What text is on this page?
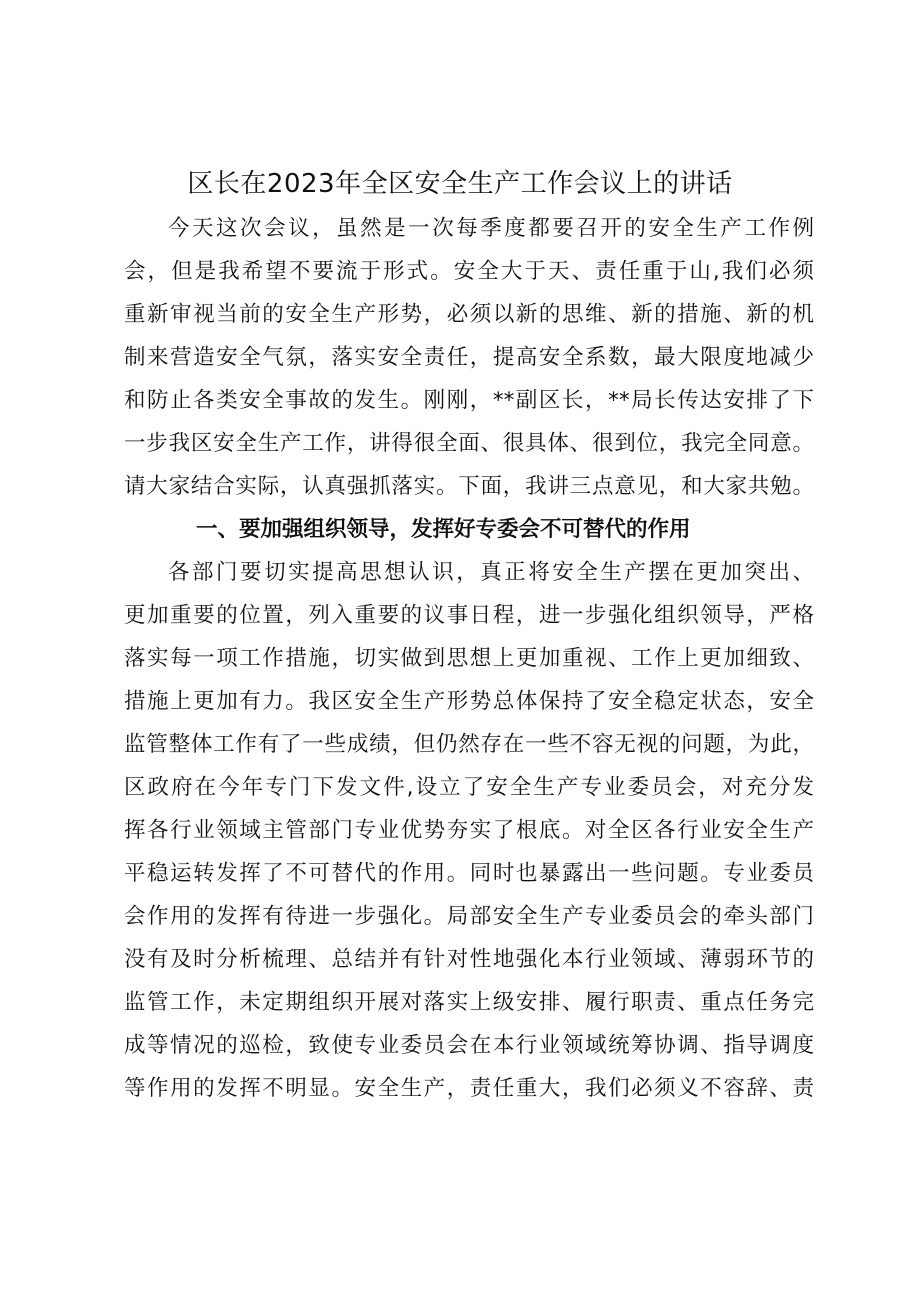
区长在2023年全区安全生产工作会议上的讲话
今天这次会议，虽然是一次每季度都要召开的安全生产工作例
会，但是我希望不要流于形式。安全大于天、责任重于山,我们必须
重新审视当前的安全生产形势，必须以新的思维、新的措施、新的机
制来营造安全气氛，落实安全责任，提高安全系数，最大限度地减少
和防止各类安全事故的发生。刚刚，**副区长，**局长传达安排了下
一步我区安全生产工作，讲得很全面、很具体、很到位，我完全同意。
请大家结合实际，认真强抓落实。下面，我讲三点意见，和大家共勉。
一、要加强组织领导，发挥好专委会不可替代的作用
各部门要切实提高思想认识，真正将安全生产摆在更加突出、
更加重要的位置，列入重要的议事日程，进一步强化组织领导，严格
落实每一项工作措施，切实做到思想上更加重视、工作上更加细致、
措施上更加有力。我区安全生产形势总体保持了安全稳定状态，安全
监管整体工作有了一些成绩，但仍然存在一些不容无视的问题，为此，
区政府在今年专门下发文件,设立了安全生产专业委员会，对充分发
挥各行业领域主管部门专业优势夯实了根底。对全区各行业安全生产
平稳运转发挥了不可替代的作用。同时也暴露出一些问题。专业委员
会作用的发挥有待进一步强化。局部安全生产专业委员会的牵头部门
没有及时分析梳理、总结并有针对性地强化本行业领域、薄弱环节的
监管工作，未定期组织开展对落实上级安排、履行职责、重点任务完
成等情况的巡检，致使专业委员会在本行业领域统筹协调、指导调度
等作用的发挥不明显。安全生产，责任重大，我们必须义不容辞、责
